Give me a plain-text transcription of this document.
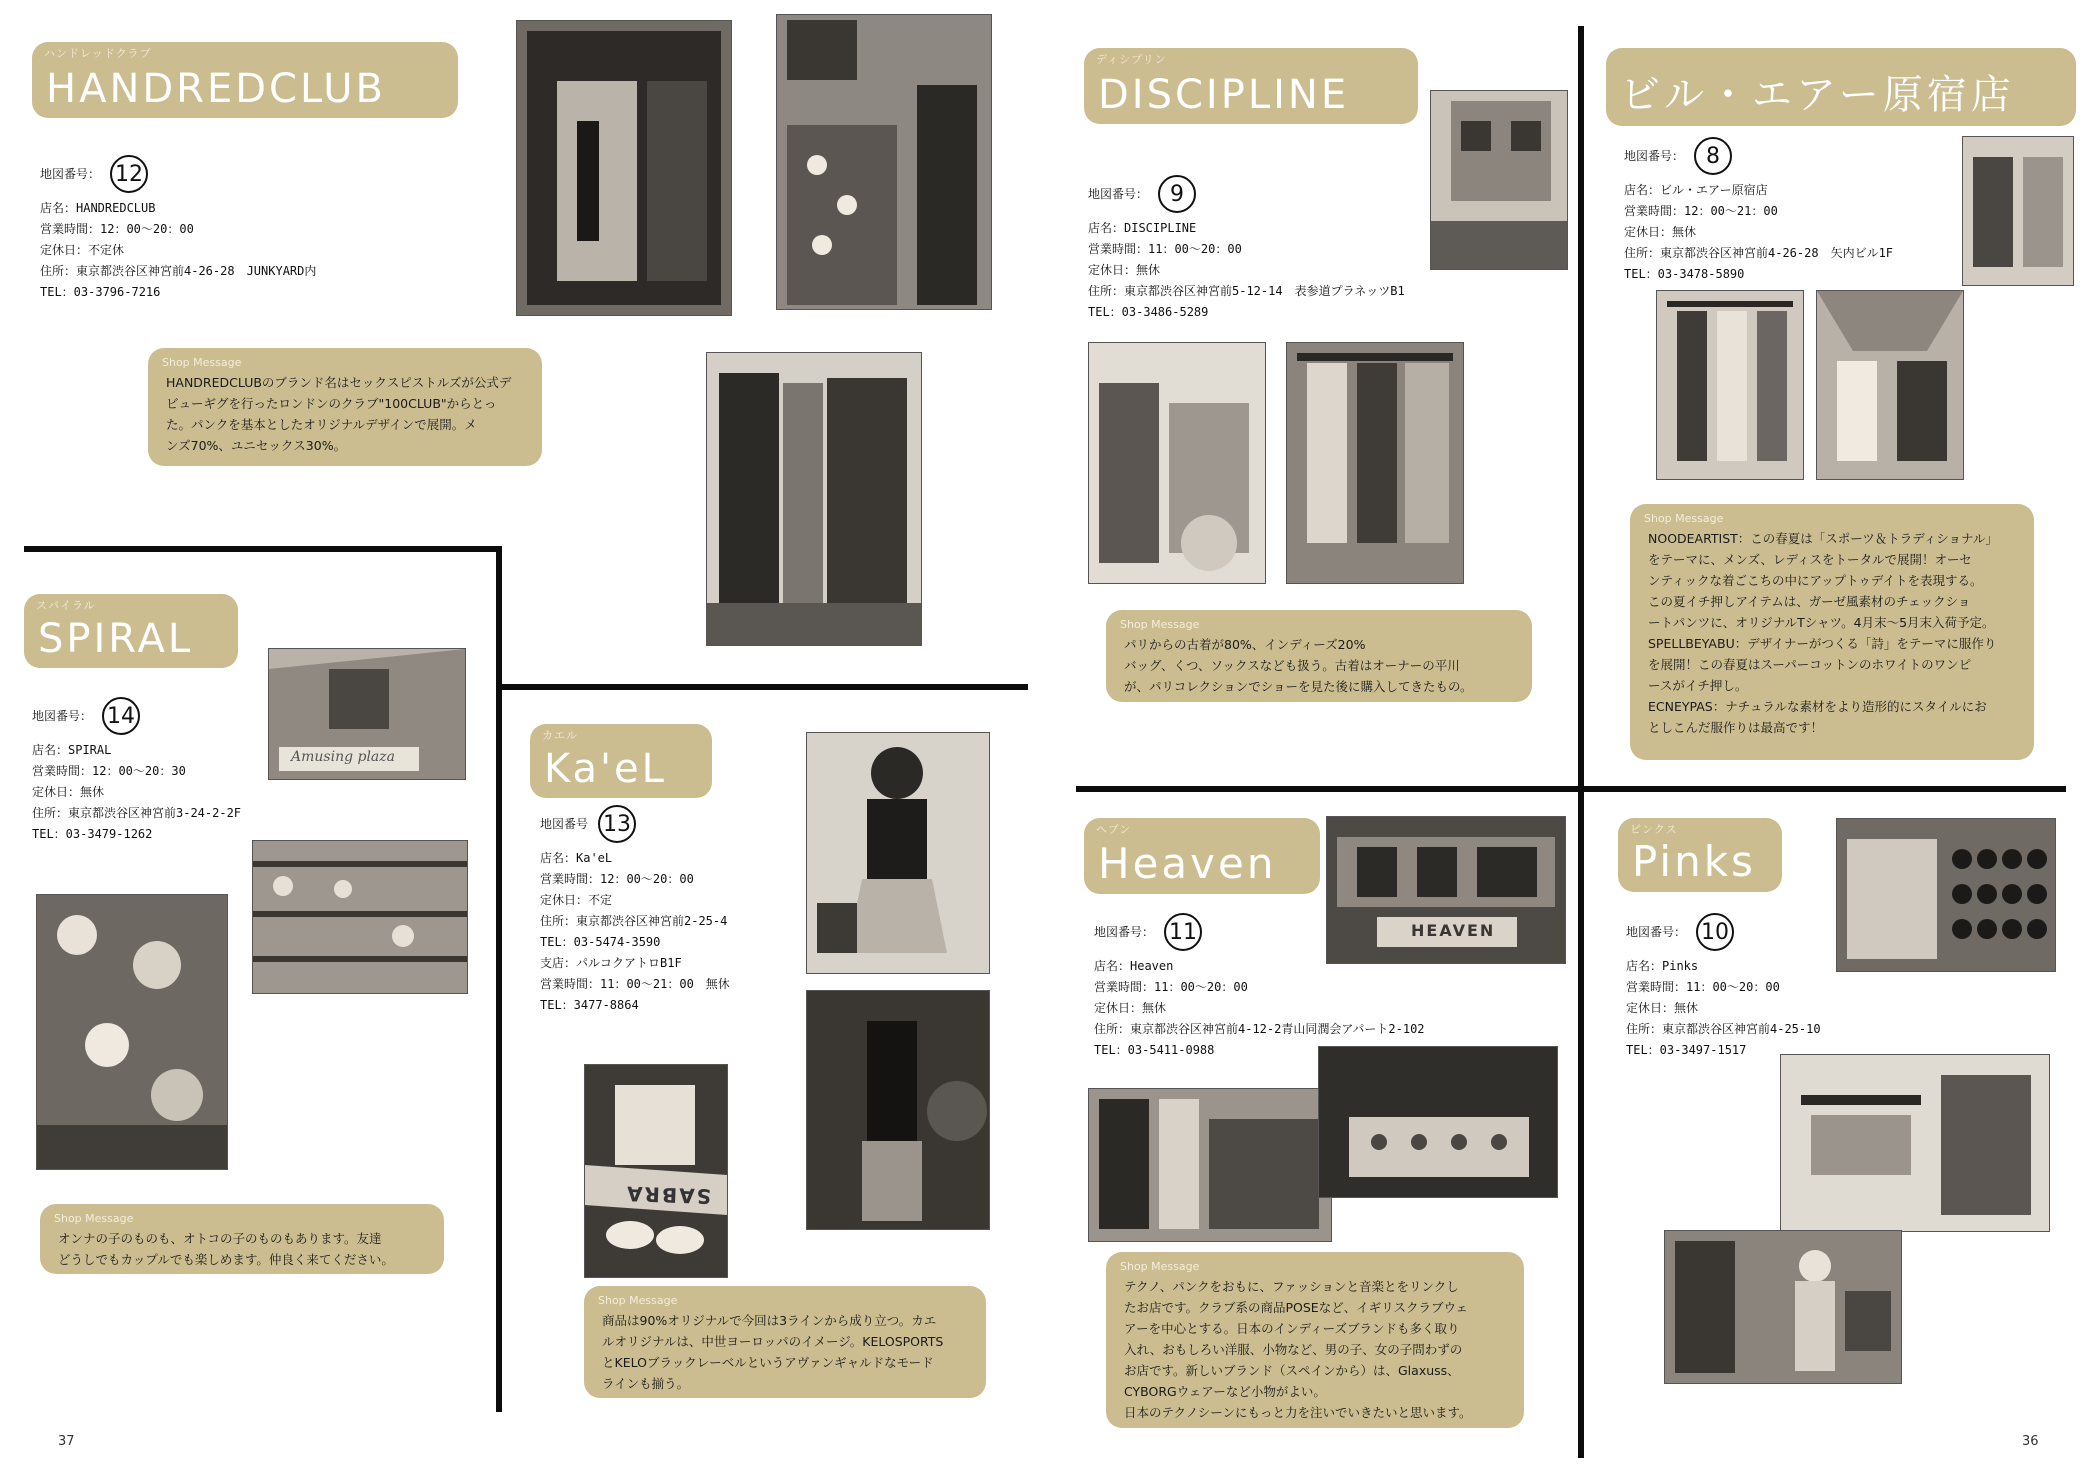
ハンドレッドクラブ
HANDREDCLUB
地図番号： 12
店名：HANDREDCLUB
営業時間：12：00〜20：00
定休日：不定休
住所：東京都渋谷区神宮前4-26-28　JUNKYARD内
TEL：03-3796-7216
Shop Message
HANDREDCLUBのブランド名はセックスピストルズが公式デ
ビューギグを行ったロンドンのクラブ"100CLUB"からとっ
た。パンクを基本としたオリジナルデザインで展開。メ
ンズ70%、ユニセックス30%。
スパイラル
SPIRAL
地図番号： 14
店名：SPIRAL
営業時間：12：00〜20：30
定休日：無休
住所：東京都渋谷区神宮前3-24-2-2F
TEL：03-3479-1262
Amusing plaza
Shop Message
オンナの子のものも、オトコの子のものもあります。友達
どうしでもカップルでも楽しめます。仲良く来てください。
カエル
Ka'eL
地図番号 13
店名：Ka'eL
営業時間：12：00〜20：00
定休日：不定
住所：東京都渋谷区神宮前2-25-4
TEL：03-5474-3590
支店：パルコクアトロB1F
営業時間：11：00〜21：00　無休
TEL：3477-8864
SABRA
Shop Message
商品は90%オリジナルで今回は3ラインから成り立つ。カエ
ルオリジナルは、中世ヨーロッパのイメージ。KELOSPORTS
とKELOブラックレーベルというアヴァンギャルドなモード
ラインも揃う。
ディシプリン
DISCIPLINE
地図番号：	9
店名：DISCIPLINE
営業時間：11：00〜20：00
定休日：無休
住所：東京都渋谷区神宮前5-12-14　表参道プラネッツB1
TEL：03-3486-5289
Shop Message
パリからの古着が80%、インディーズ20%
バッグ、くつ、ソックスなども扱う。古着はオーナーの平川
が、パリコレクションでショーを見た後に購入してきたもの。
ビル・エアー原宿店
地図番号：	8
店名：ビル・エアー原宿店
営業時間：12：00〜21：00
定休日：無休
住所：東京都渋谷区神宮前4-26-28　矢内ビル1F
TEL：03-3478-5890
Shop Message
NOODEARTIST：この春夏は「スポーツ＆トラディショナル」
をテーマに、メンズ、レディスをトータルで展開！オーセ
ンティックな着ごこちの中にアップトゥデイトを表現する。
この夏イチ押しアイテムは、ガーゼ風素材のチェックショ
ートパンツに、オリジナルTシャツ。4月末〜5月末入荷予定。
SPELLBEYABU：デザイナーがつくる「詩」をテーマに服作り
を展開！この春夏はスーパーコットンのホワイトのワンピ
ースがイチ押し。
ECNEYPAS：ナチュラルな素材をより造形的にスタイルにお
としこんだ服作りは最高です！
ヘブン
Heaven
HEAVEN
地図番号： 11
店名：Heaven
営業時間：11：00〜20：00
定休日：無休
住所：東京都渋谷区神宮前4-12-2青山同潤会アパート2-102
TEL：03-5411-0988
Shop Message
テクノ、パンクをおもに、ファッションと音楽とをリンクし
たお店です。クラブ系の商品POSEなど、イギリスクラブウェ
アーを中心とする。日本のインディーズブランドも多く取り
入れ、おもしろい洋服、小物など、男の子、女の子問わずの
お店です。新しいブランド（スペインから）は、Glaxuss、
CYBORGウェアーなど小物がよい。
日本のテクノシーンにもっと力を注いでいきたいと思います。
ピンクス
Pinks
地図番号： 10
店名：Pinks
営業時間：11：00〜20：00
定休日：無休
住所：東京都渋谷区神宮前4-25-10
TEL：03-3497-1517
37	36
